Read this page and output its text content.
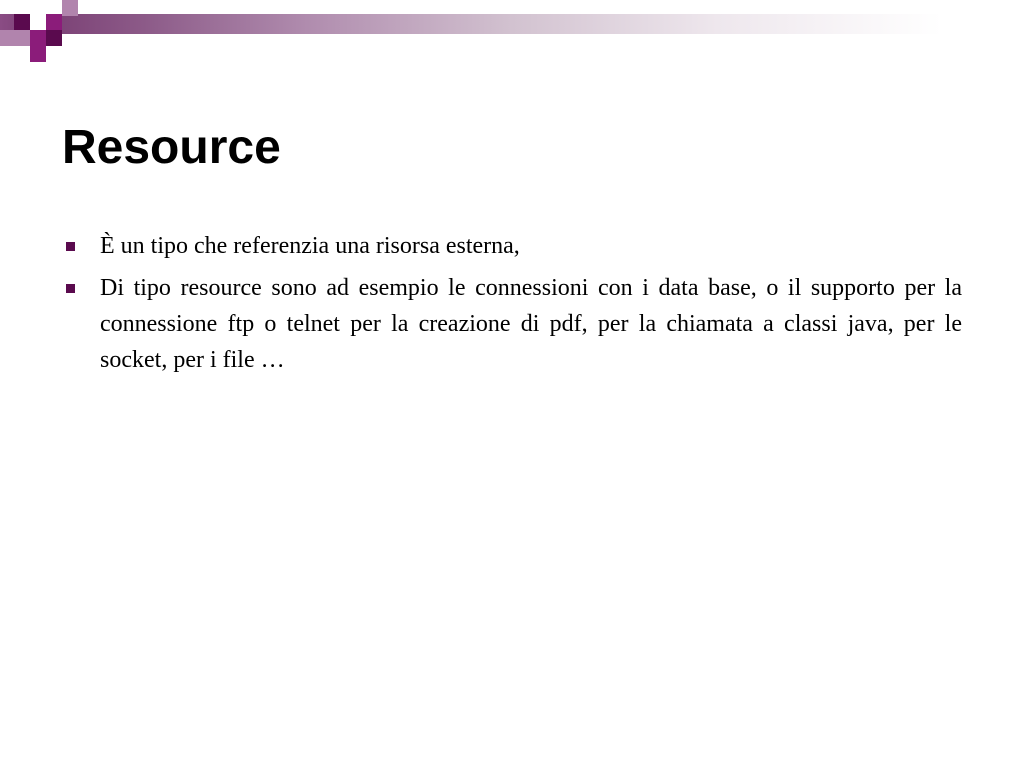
Resource
È un tipo che referenzia una risorsa esterna,
Di tipo resource sono ad esempio le connessioni con i data base, o il supporto per la connessione ftp o telnet per la creazione di pdf, per la chiamata a classi java, per le socket, per i file …
